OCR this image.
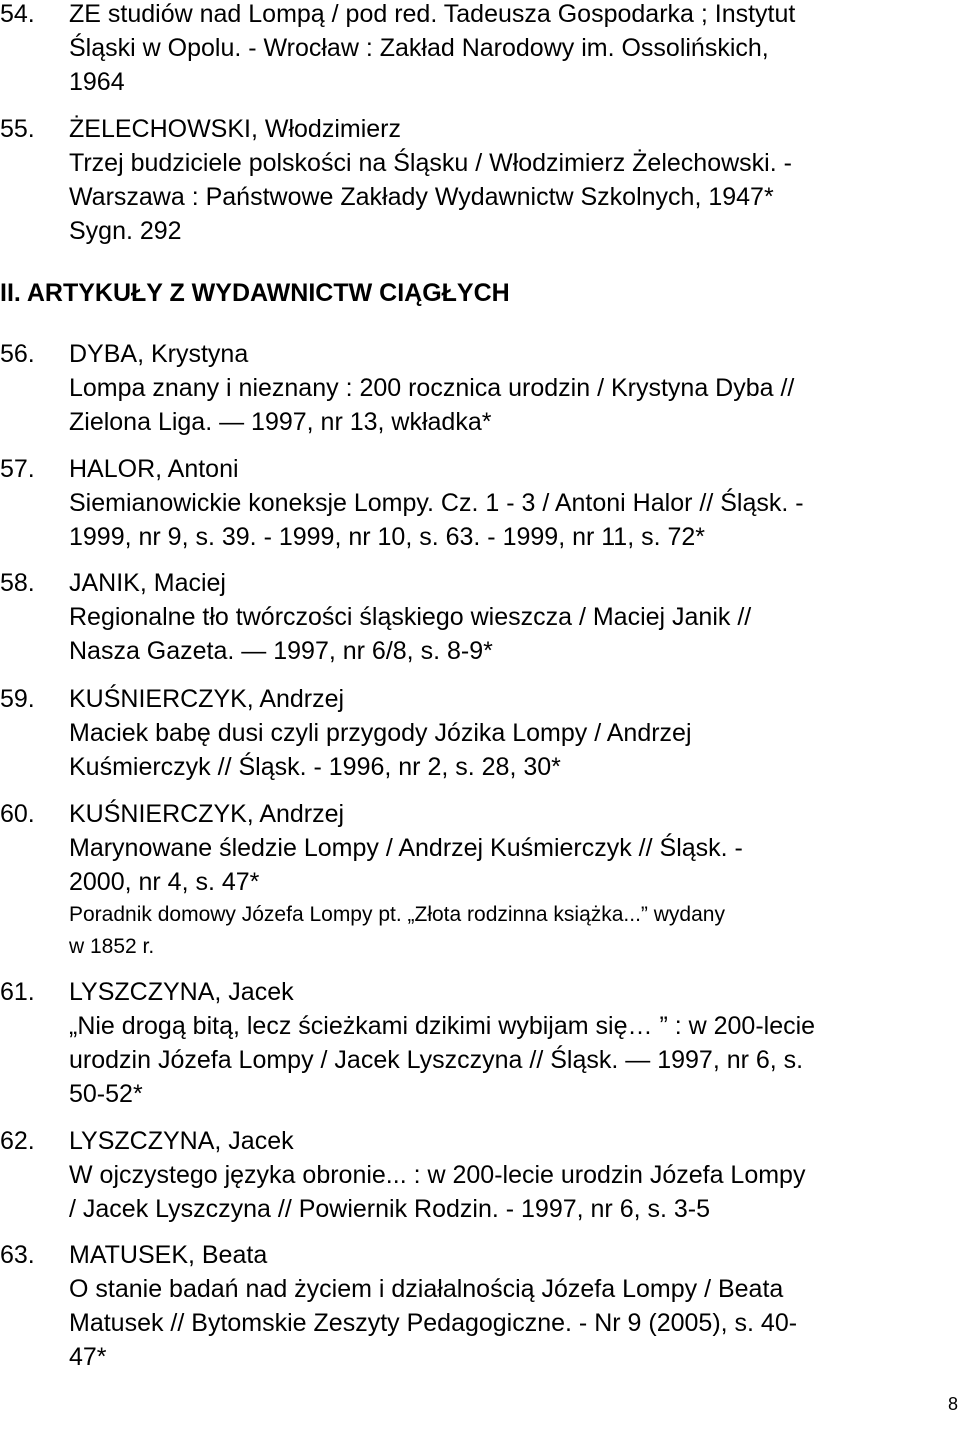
54. ZE studiów nad Lompą / pod red. Tadeusza Gospodarka ; Instytut
Śląski w Opolu. - Wrocław : Zakład Narodowy im. Ossolińskich,
1964
55. ŻELECHOWSKI, Włodzimierz
Trzej budziciele polskości na Śląsku / Włodzimierz Żelechowski. -
Warszawa : Państwowe Zakłady Wydawnictw Szkolnych, 1947*
Sygn. 292
II. ARTYKUŁY Z WYDAWNICTW CIĄGŁYCH
56. DYBA, Krystyna
Lompa znany i nieznany : 200 rocznica urodzin / Krystyna Dyba //
Zielona Liga. — 1997, nr 13, wkładka*
57. HALOR, Antoni
Siemianowickie koneksje Lompy. Cz. 1 - 3 / Antoni Halor // Śląsk. -
1999, nr 9, s. 39. - 1999, nr 10, s. 63. - 1999, nr 11, s. 72*
58. JANIK, Maciej
Regionalne tło twórczości śląskiego wieszcza / Maciej Janik //
Nasza Gazeta. — 1997, nr 6/8, s. 8-9*
59. KUŚNIERCZYK, Andrzej
Maciek babę dusi czyli przygody Józika Lompy / Andrzej
Kuśmierczyk // Śląsk. - 1996, nr 2, s. 28, 30*
60. KUŚNIERCZYK, Andrzej
Marynowane śledzie Lompy / Andrzej Kuśmierczyk // Śląsk. -
2000, nr 4, s. 47*
Poradnik domowy Józefa Lompy pt. „Złota rodzinna książka...” wydany
w 1852 r.
61. LYSZCZYNA, Jacek
„Nie drogą bitą, lecz ścieżkami dzikimi wybijam się… ” : w 200-lecie
urodzin Józefa Lompy / Jacek Lyszczyna // Śląsk. — 1997, nr 6, s.
50-52*
62. LYSZCZYNA, Jacek
W ojczystego języka obronie... : w 200-lecie urodzin Józefa Lompy
/ Jacek Lyszczyna // Powiernik Rodzin. - 1997, nr 6, s. 3-5
63. MATUSEK, Beata
O stanie badań nad życiem i działalnością Józefa Lompy / Beata
Matusek // Bytomskie Zeszyty Pedagogiczne. - Nr 9 (2005), s. 40-
47*
8
